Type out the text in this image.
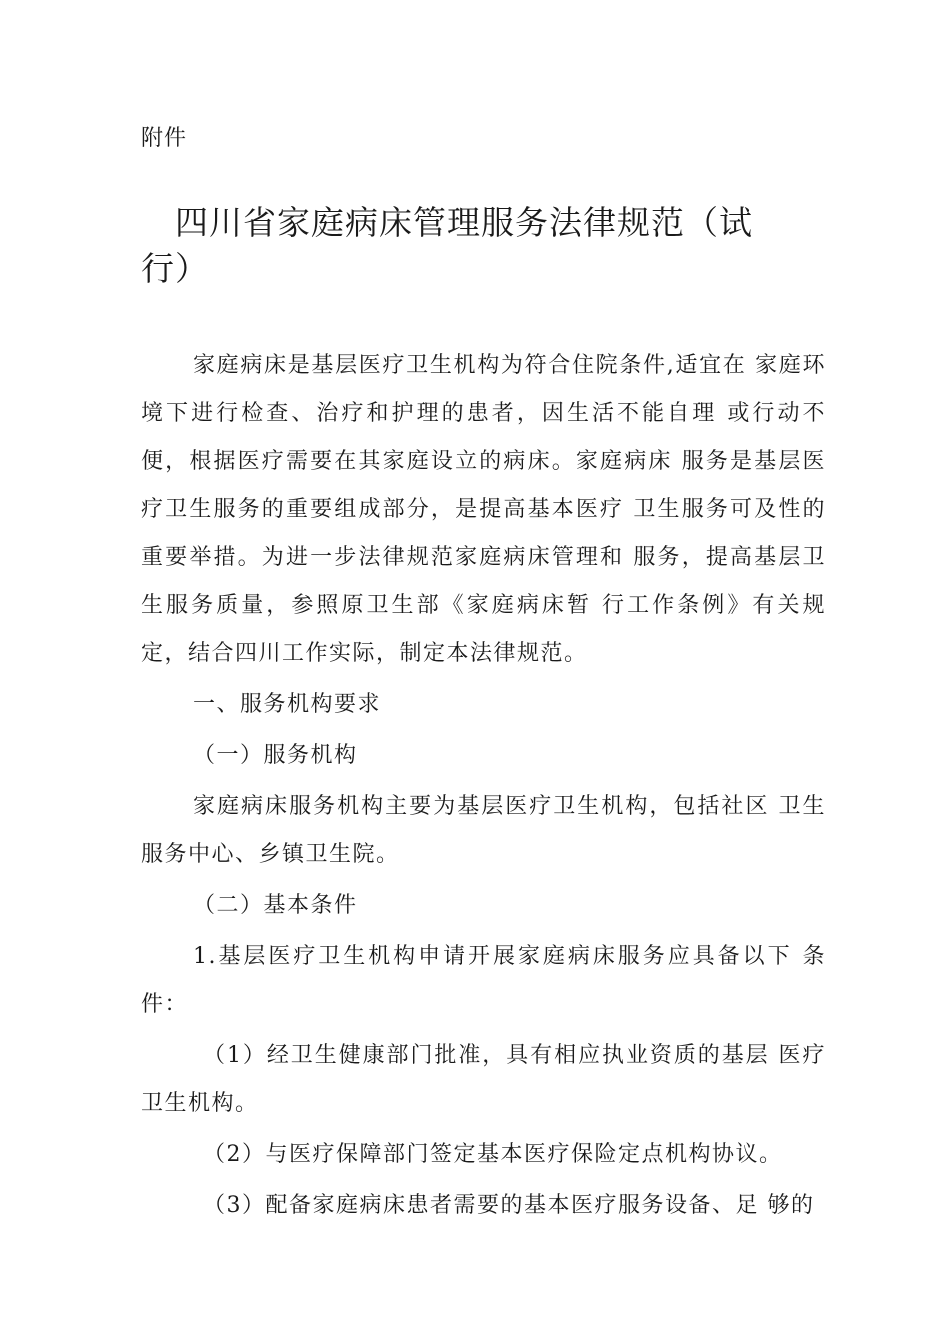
附件
四川省家庭病床管理服务法律规范（试行）

家庭病床是基层医疗卫生机构为符合住院条件,适宜在 家庭环境下进行检查、治疗和护理的患者，因生活不能自理 或行动不便，根据医疗需要在其家庭设立的病床。家庭病床 服务是基层医疗卫生服务的重要组成部分，是提高基本医疗 卫生服务可及性的重要举措。为进一步法律规范家庭病床管理和 服务，提高基层卫生服务质量，参照原卫生部《家庭病床暂 行工作条例》有关规定，结合四川工作实际，制定本法律规范。

一、服务机构要求

（一）服务机构

家庭病床服务机构主要为基层医疗卫生机构，包括社区 卫生服务中心、乡镇卫生院。

（二）基本条件

1.基层医疗卫生机构申请开展家庭病床服务应具备以下 条件：

（1）经卫生健康部门批准，具有相应执业资质的基层 医疗卫生机构。

（2）与医疗保障部门签定基本医疗保险定点机构协议。

（3）配备家庭病床患者需要的基本医疗服务设备、足 够的
